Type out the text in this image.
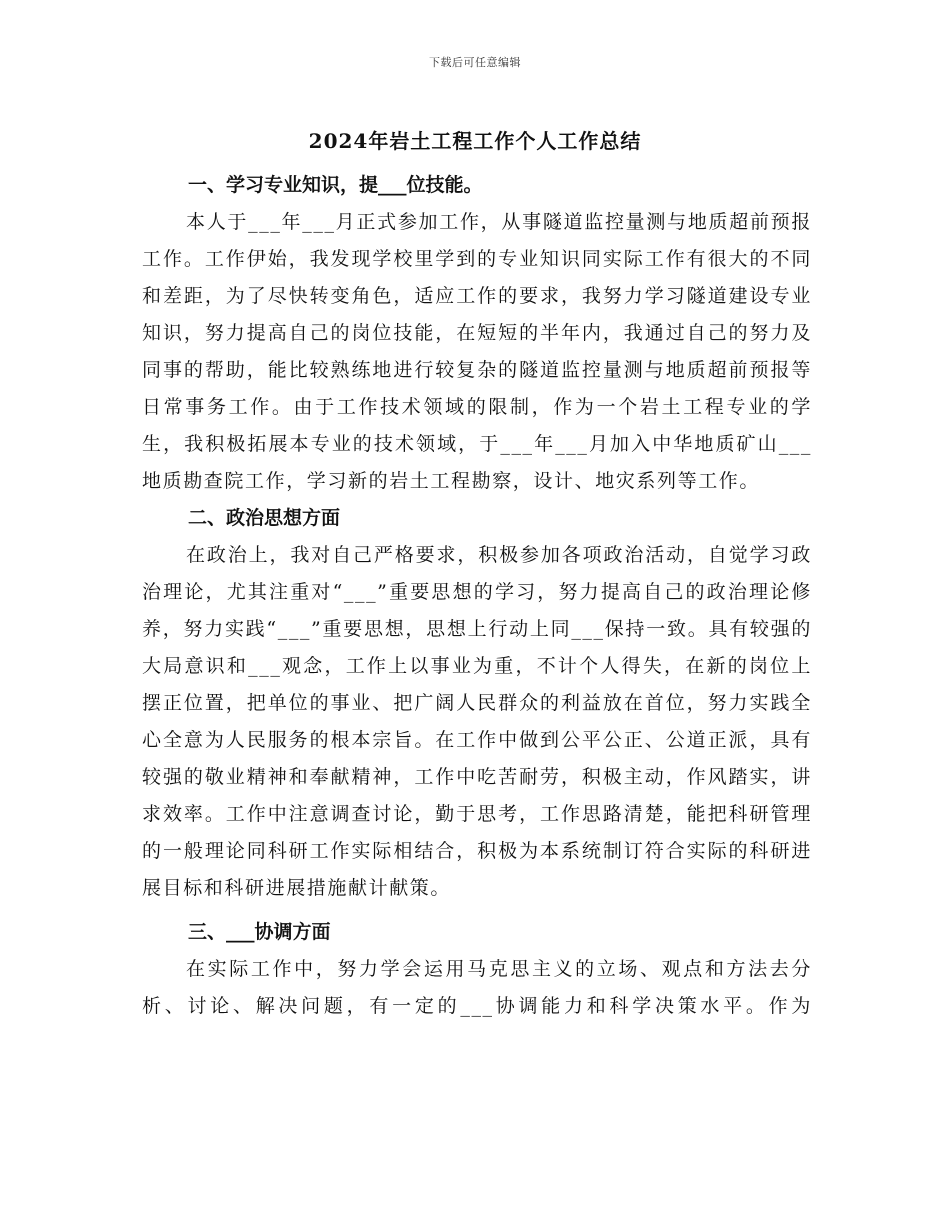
下载后可任意编辑
2024年岩土工程工作个人工作总结
一、学习专业知识，提___位技能。
本人于___年___月正式参加工作，从事隧道监控量测与地质超前预报工作。工作伊始，我发现学校里学到的专业知识同实际工作有很大的不同和差距，为了尽快转变角色，适应工作的要求，我努力学习隧道建设专业知识，努力提高自己的岗位技能，在短短的半年内，我通过自己的努力及同事的帮助，能比较熟练地进行较复杂的隧道监控量测与地质超前预报等日常事务工作。由于工作技术领域的限制，作为一个岩土工程专业的学生，我积极拓展本专业的技术领域，于___年___月加入中华地质矿山___地质勘查院工作，学习新的岩土工程勘察，设计、地灾系列等工作。
二、政治思想方面
在政治上，我对自己严格要求，积极参加各项政治活动，自觉学习政治理论，尤其注重对“___”重要思想的学习，努力提高自己的政治理论修养，努力实践“___”重要思想，思想上行动上同___保持一致。具有较强的大局意识和___观念，工作上以事业为重，不计个人得失，在新的岗位上摆正位置，把单位的事业、把广阔人民群众的利益放在首位，努力实践全心全意为人民服务的根本宗旨。在工作中做到公平公正、公道正派，具有较强的敬业精神和奉献精神，工作中吃苦耐劳，积极主动，作风踏实，讲求效率。工作中注意调查讨论，勤于思考，工作思路清楚，能把科研管理的一般理论同科研工作实际相结合，积极为本系统制订符合实际的科研进展目标和科研进展措施献计献策。
三、___协调方面
在实际工作中，努力学会运用马克思主义的立场、观点和方法去分析、讨论、解决问题，有一定的___协调能力和科学决策水平。作为
